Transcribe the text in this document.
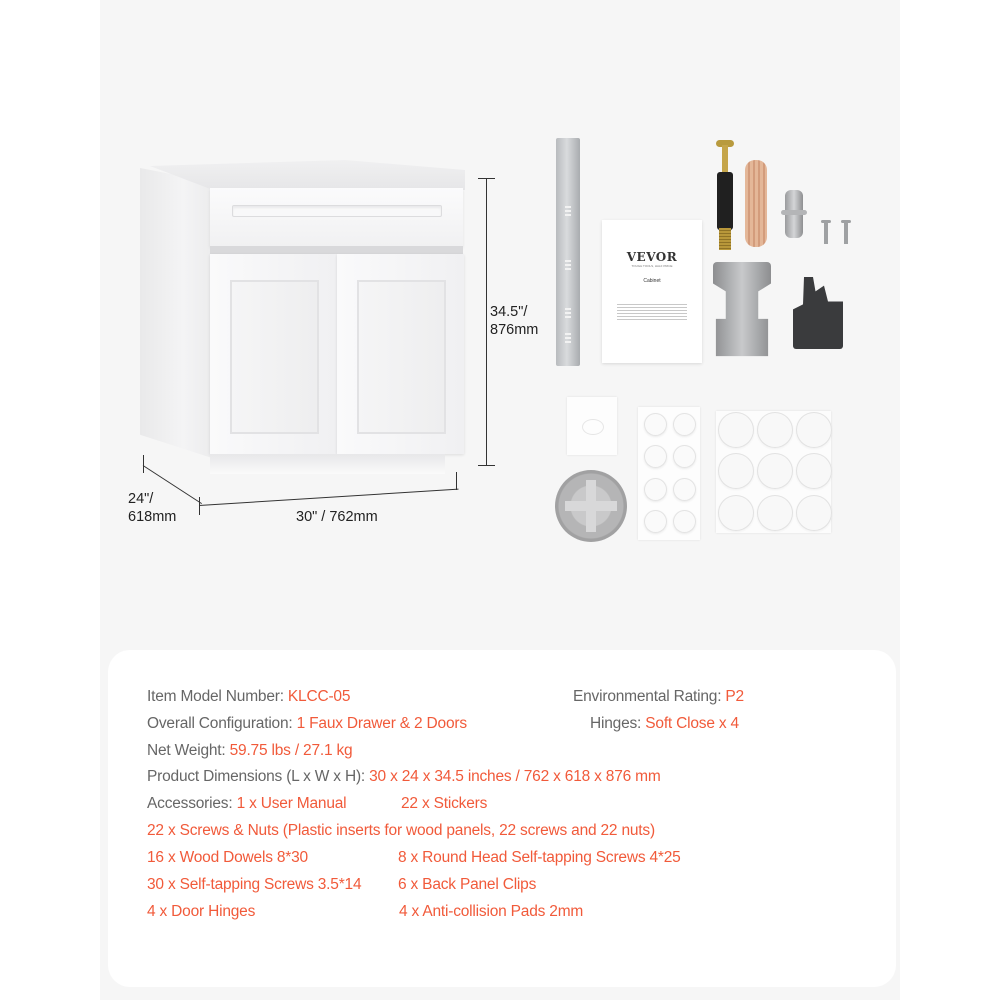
34.5"/
876mm
24"/
618mm	30" / 762mm
VEVOR
TOUGH TOOLS, HALF PRICE
Cabinet
Item Model Number: KLCC-05
Overall Configuration: 1 Faux Drawer & 2 Doors
Net Weight: 59.75 lbs / 27.1 kg
Product Dimensions (L x W x H): 30 x 24 x 34.5 inches / 762 x 618 x 876 mm
Environmental Rating: P2
Hinges: Soft Close x 4
Accessories: 1 x User Manual	22 x Stickers
22 x Screws & Nuts (Plastic inserts for wood panels, 22 screws and 22 nuts)
16 x Wood Dowels 8*30	8 x Round Head Self-tapping Screws 4*25
30 x Self-tapping Screws 3.5*14 6 x Back Panel Clips
4 x Door Hinges	4 x Anti-collision Pads 2mm
